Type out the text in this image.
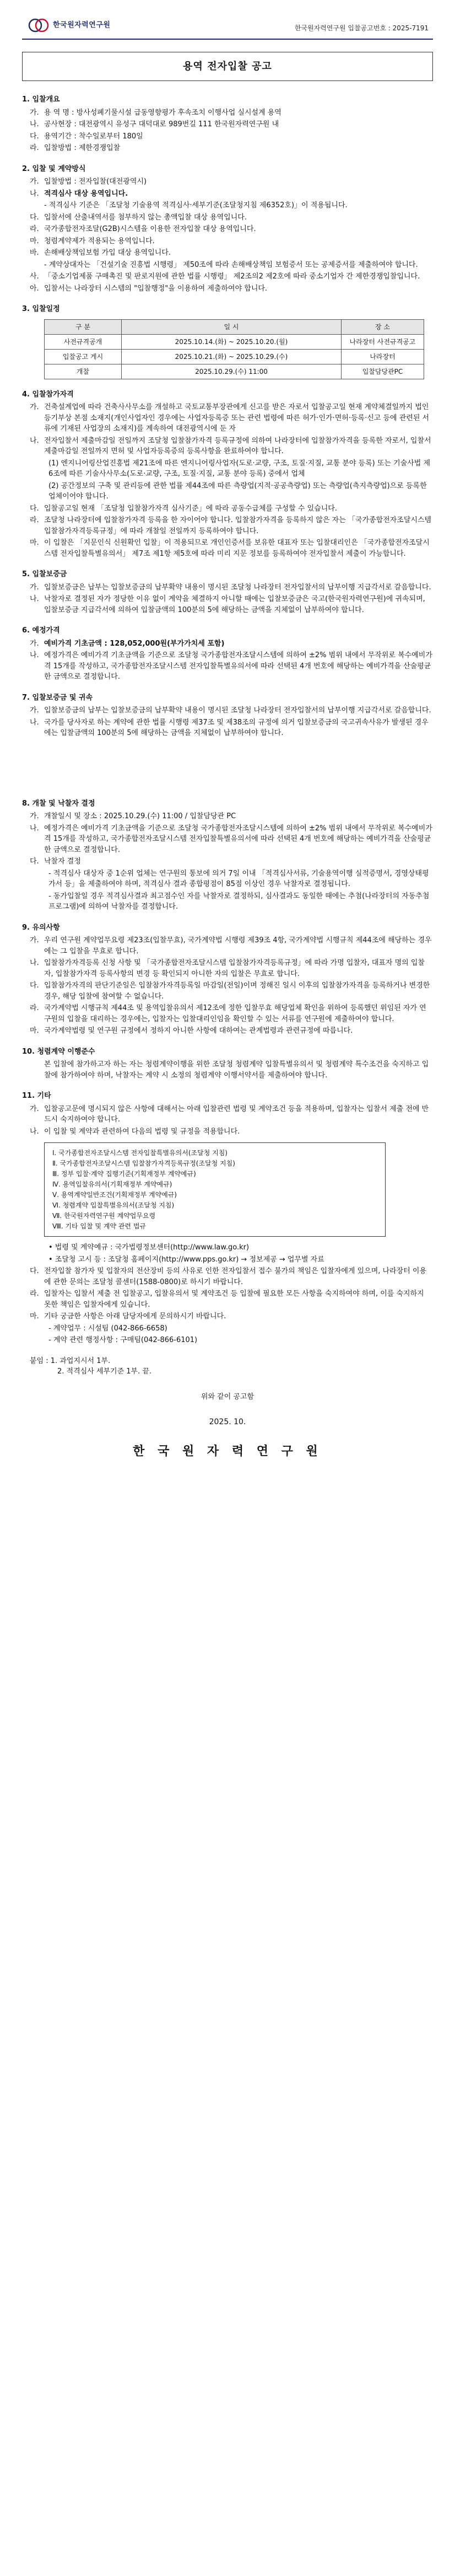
한국원자력연구원	한국원자력연구원 입찰공고번호 : 2025-7191
용역 전자입찰 공고
1. 입찰개요
가. 용 역 명 : 방사성폐기물시설 급동영향평가 후속조치 이행사업 실시설계 용역
나. 공사현장 : 대전광역시 유성구 대덕대로 989번길 111 한국원자력연구원 내
다. 용역기간 : 착수일로부터 180일
라. 입찰방법 : 제한경쟁입찰
2. 입찰 및 계약방식
가. 입찰방법 : 전자입찰(대전광역시)
나. 적격심사 대상 용역입니다.
- 적격심사 기준은 「조달청 기술용역 적격심사·세부기준(조달청지침 제6352호)」이 적용됩니다.
다. 입찰서에 산출내역서를 첨부하지 않는 총액입찰 대상 용역입니다.
라. 국가종합전자조달(G2B)시스템을 이용한 전자입찰 대상 용역입니다.
마. 청렴계약제가 적용되는 용역입니다.
바. 손해배상책임보험 가입 대상 용역입니다.
- 계약상대자는 「건설기술 진흥법 시행령」 제50조에 따라 손해배상책임 보험증서 또는 공제증서를 제출하여야 합니다.
사. 「중소기업제품 구매촉진 및 판로지원에 관한 법률 시행령」 제2조의2 제2호에 따라 중소기업자 간 제한경쟁입찰입니다.
아. 입찰서는 나라장터 시스템의 "입찰행정"을 이용하여 제출하여야 합니다.
3. 입찰일정
구 분	일 시	장 소
사전규격공개	2025.10.14.(화) ~ 2025.10.20.(월)	나라장터 사전규격공고
입찰공고 게시	2025.10.21.(화) ~ 2025.10.29.(수)	나라장터
개찰	2025.10.29.(수) 11:00	입찰담당관PC
4. 입찰참가자격
가. 건축설계업에 따라 건축사사무소를 개설하고 국토교통부장관에게 신고를 받은 자로서 입찰공고일 현재 계약체결일까지 법인등기부상 본점 소재지(개인사업자인 경우에는 사업자등록증 또는 관련 법령에 따른 허가·인가·면허·등록·신고 등에 관련된 서류에 기재된 사업장의 소재지)를 계속하여 대전광역시에 둔 자
나. 전자입찰서 제출마감일 전일까지 조달청 입찰참가자격 등록규정에 의하여 나라장터에 입찰참가자격을 등록한 자로서, 입찰서 제출마감일 전일까지 면허 및 사업자등록증의 등록사항을 완료하여야 합니다.
(1) 엔지니어링산업진흥법 제21조에 따른 엔지니어링사업자(도로·교량, 구조, 토질·지질, 교통 분야 등록) 또는 기술사법 제6조에 따른 기술사사무소(도로·교량, 구조, 토질·지질, 교통 분야 등록) 중에서 업체
(2) 공간정보의 구축 및 관리등에 관한 법률 제44조에 따른 측량업(지적·공공측량업) 또는 측량업(측지측량업)으로 등록한 업체이어야 합니다.
다. 입찰공고일 현재 「조달청 입찰참가자격 심사기준」에 따라 공동수급체를 구성할 수 있습니다.
라. 조달청 나라장터에 입찰참가자격 등록을 한 자이어야 합니다. 입찰참가자격을 등록하지 않은 자는 「국가종합전자조달시스템 입찰참가자격등록규정」에 따라 개찰일 전일까지 등록하여야 합니다.
마. 이 입찰은 「지문인식 신원확인 입찰」이 적용되므로 개인인증서를 보유한 대표자 또는 입찰대리인은 「국가종합전자조달시스템 전자입찰특별유의서」 제7조 제1항 제5호에 따라 미리 지문 정보를 등록하여야 전자입찰서 제출이 가능합니다.
5. 입찰보증금
가. 입찰보증금은 납부는 입찰보증금의 납부확약 내용이 명시된 조달청 나라장터 전자입찰서의 납부이행 지급각서로 갈음합니다.
나. 낙찰자로 결정된 자가 정당한 이유 없이 계약을 체결하지 아니할 때에는 입찰보증금은 국고(한국원자력연구원)에 귀속되며, 입찰보증금 지급각서에 의하여 입찰금액의 100분의 5에 해당하는 금액을 지체없이 납부하여야 합니다.
6. 예정가격
가. 예비가격 기초금액 : 128,052,000원(부가가치세 포함)
나. 예정가격은 예비가격 기초금액을 기준으로 조달청 국가종합전자조달시스템에 의하여 ±2% 범위 내에서 무작위로 복수예비가격 15개를 작성하고, 국가종합전자조달시스템 전자입찰특별유의서에 따라 선택된 4개 번호에 해당하는 예비가격을 산술평균한 금액으로 결정합니다.
7. 입찰보증금 및 귀속
가. 입찰보증금의 납부는 입찰보증금의 납부확약 내용이 명시된 조달청 나라장터 전자입찰서의 납부이행 지급각서로 갈음합니다.
나. 국가를 당사자로 하는 계약에 관한 법률 시행령 제37조 및 제38조의 규정에 의거 입찰보증금의 국고귀속사유가 발생된 경우에는 입찰금액의 100분의 5에 해당하는 금액을 지체없이 납부하여야 합니다.
8. 개찰 및 낙찰자 결정
가. 개찰일시 및 장소 : 2025.10.29.(수) 11:00 / 입찰담당관 PC
나. 예정가격은 예비가격 기초금액을 기준으로 조달청 국가종합전자조달시스템에 의하여 ±2% 범위 내에서 무작위로 복수예비가격 15개를 작성하고, 국가종합전자조달시스템 전자입찰특별유의서에 따라 선택된 4개 번호에 해당하는 예비가격을 산술평균한 금액으로 결정합니다.
다. 낙찰자 결정
- 적격심사 대상자 중 1순위 업체는 연구원의 통보에 의거 7일 이내 「적격심사서류, 기술용역이행 실적증명서, 경영상태평가서 등」을 제출하여야 하며, 적격심사 결과 종합평점이 85점 이상인 경우 낙찰자로 결정됩니다.
- 동가입찰일 경우 적격심사결과 최고점수인 자를 낙찰자로 결정하되, 심사결과도 동일한 때에는 추첨(나라장터의 자동추첨프로그램)에 의하여 낙찰자를 결정합니다.
9. 유의사항
가. 우리 연구원 계약업무요령 제23조(입찰무효), 국가계약법 시행령 제39조 4항, 국가계약법 시행규칙 제44조에 해당하는 경우에는 그 입찰을 무효로 합니다.
나. 입찰참가자격등록 신청 사항 및 「국가종합전자조달시스템 입찰참가자격등록규정」에 따라 가명 입찰자, 대표자 명의 입찰자, 입찰참가자격 등록사항의 변경 등 확인되지 아니한 자의 입찰은 무효로 합니다.
다. 입찰참가자격의 판단기준일은 입찰참가자격등록일 마감일(전일)이며 정해진 일시 이후의 입찰참가자격을 등록하거나 변경한 경우, 해당 입찰에 참여할 수 없습니다.
라. 국가계약법 시행규칙 제44조 및 용역입찰유의서 제12조에 정한 입찰무효 해당업체 확인을 위하여 등록했던 위임된 자가 연구원의 입찰을 대리하는 경우에는, 입찰자는 입찰대리인임을 확인할 수 있는 서류를 연구원에 제출하여야 합니다.
마. 국가계약법령 및 연구원 규정에서 정하지 아니한 사항에 대하여는 관계법령과 관련규정에 따릅니다.
10. 청렴계약 이행준수
본 입찰에 참가하고자 하는 자는 청렴계약이행을 위한 조달청 청렴계약 입찰특별유의서 및 청렴계약 특수조건을 숙지하고 입찰에 참가하여야 하며, 낙찰자는 계약 시 소정의 청렴계약 이행서약서를 제출하여야 합니다.
11. 기타
가. 입찰공고문에 명시되지 않은 사항에 대해서는 아래 입찰관련 법령 및 계약조건 등을 적용하며, 입찰자는 입찰서 제출 전에 반드시 숙지하여야 합니다.
나. 이 입찰 및 계약과 관련하여 다음의 법령 및 규정을 적용합니다.
Ⅰ. 국가종합전자조달시스템 전자입찰특별유의서(조달청 지침)
Ⅱ. 국가종합전자조달시스템 입찰참가자격등록규정(조달청 지침)
Ⅲ. 정부 입찰·계약 집행기준(기획재정부 계약예규)
Ⅳ. 용역입찰유의서(기획재정부 계약예규)
Ⅴ. 용역계약일반조건(기획재정부 계약예규)
Ⅵ. 청렴계약 입찰특별유의서(조달청 지침)
Ⅶ. 한국원자력연구원 계약업무요령
Ⅷ. 기타 입찰 및 계약 관련 법규
• 법령 및 계약예규 : 국가법령정보센터(http://www.law.go.kr)
• 조달청 고시 등 : 조달청 홈페이지(http://www.pps.go.kr) → 정보제공 → 업무별 자료
다. 전자입찰 참가자 및 입찰자의 전산장비 등의 사유로 인한 전자입찰서 접수 불가의 책임은 입찰자에게 있으며, 나라장터 이용에 관한 문의는 조달청 콜센터(1588-0800)로 하시기 바랍니다.
라. 입찰자는 입찰서 제출 전 입찰공고, 입찰유의서 및 계약조건 등 입찰에 필요한 모든 사항을 숙지하여야 하며, 이를 숙지하지 못한 책임은 입찰자에게 있습니다.
마. 기타 궁금한 사항은 아래 담당자에게 문의하시기 바랍니다.
- 계약업무 : 시설팀 (042-866-6658)
- 계약 관련 행정사항 : 구매팀(042-866-6101)
붙임 : 1. 과업지시서 1부.
2. 적격심사 세부기준 1부. 끝.
위와 같이 공고함
2025. 10.
한 국 원 자 력 연 구 원
